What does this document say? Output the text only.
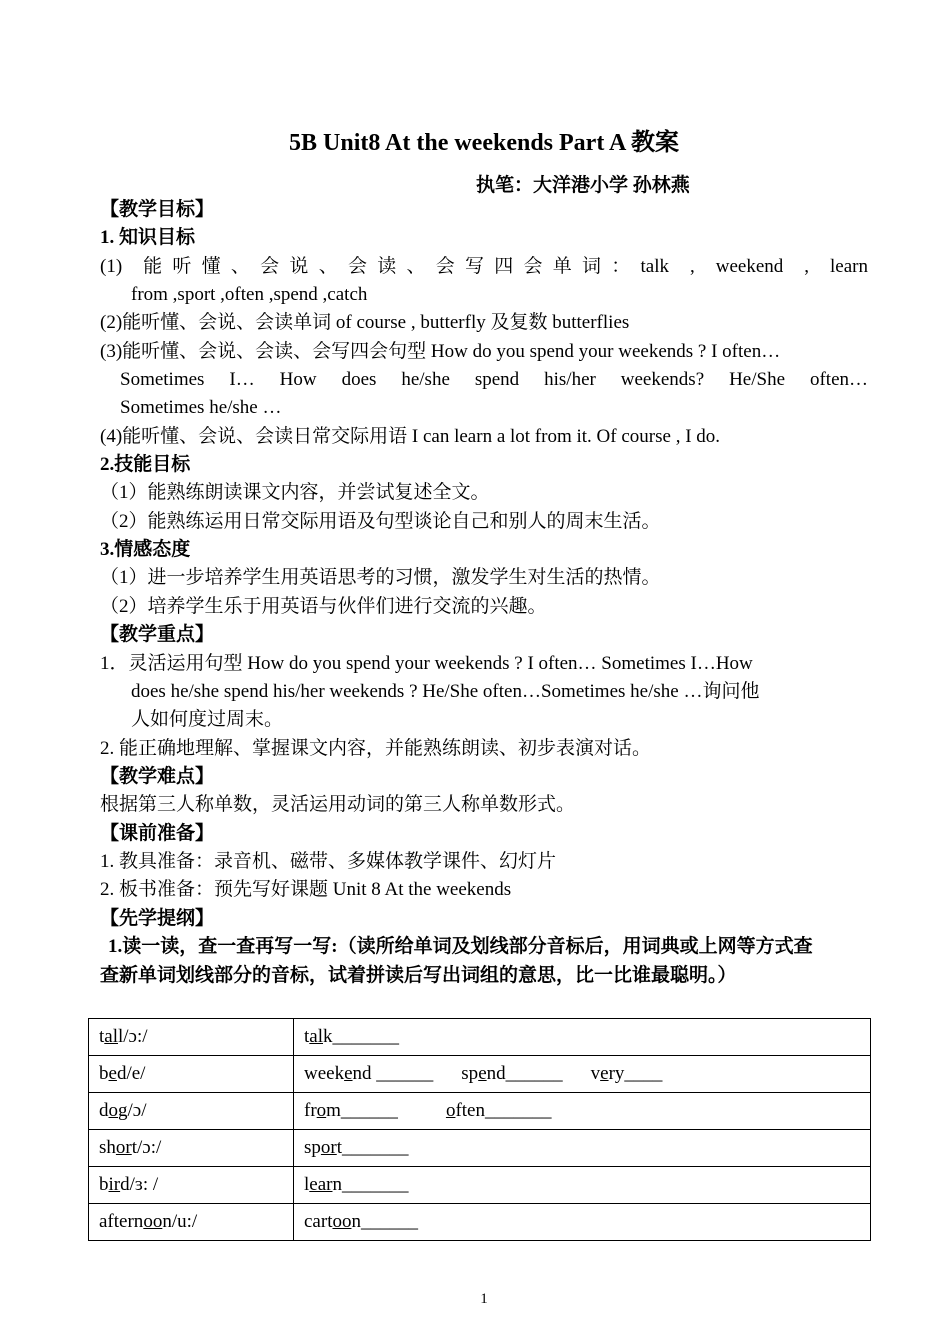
5B Unit8 At the weekends Part A 教案
执笔：大洋港小学 孙林燕
【教学目标】
1. 知识目标
(1) 能听懂、会说、会读、会写四会单词：talk , weekend , learn
from ,sport ,often ,spend ,catch
(2)能听懂、会说、会读单词 of course , butterfly 及复数 butterflies
(3)能听懂、会说、会读、会写四会句型 How do you spend your weekends ? I often…
Sometimes I… How does he/she spend his/her weekends? He/She often…
Sometimes he/she …
(4)能听懂、会说、会读日常交际用语 I can learn a lot from it. Of course , I do.
2.技能目标
（1）能熟练朗读课文内容，并尝试复述全文。
（2）能熟练运用日常交际用语及句型谈论自己和别人的周末生活。
3.情感态度
（1）进一步培养学生用英语思考的习惯，激发学生对生活的热情。
（2）培养学生乐于用英语与伙伴们进行交流的兴趣。
【教学重点】
1．灵活运用句型 How do you spend your weekends ? I often… Sometimes I…How
does he/she spend his/her weekends ? He/She often…Sometimes he/she …询问他
人如何度过周末。
2. 能正确地理解、掌握课文内容，并能熟练朗读、初步表演对话。
【教学难点】
根据第三人称单数，灵活运用动词的第三人称单数形式。
【课前准备】
1. 教具准备：录音机、磁带、多媒体教学课件、幻灯片
2. 板书准备：预先写好课题 Unit 8 At the weekends
【先学提纲】
1.读一读，查一查再写一写:（读所给单词及划线部分音标后，用词典或上网等方式查
查新单词划线部分的音标，试着拼读后写出词组的意思，比一比谁最聪明。）
tall/ɔ:/	talk_______
bed/e/	weekend ______ spend______ very____
dog/ɔ/	from______ often_______
short/ɔ:/	sport_______
bird/ɜ: /	learn_______
afternoon/u:/	cartoon______
1
